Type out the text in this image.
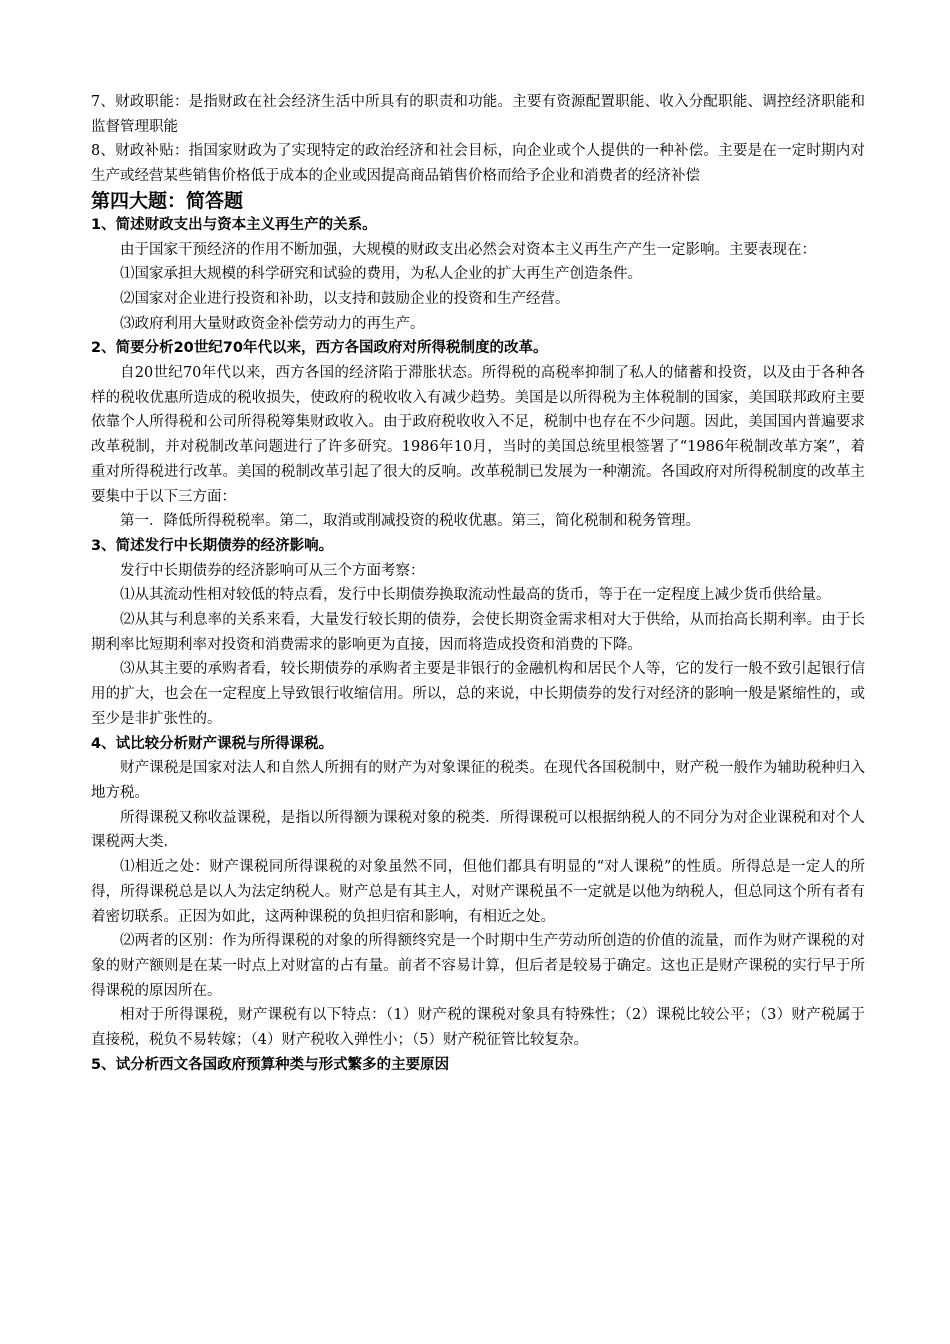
7、财政职能：是指财政在社会经济生活中所具有的职责和功能。主要有资源配置职能、收入分配职能、调控经济职能和监督管理职能

8、财政补贴：指国家财政为了实现特定的政治经济和社会目标，向企业或个人提供的一种补偿。主要是在一定时期内对生产或经营某些销售价格低于成本的企业或因提高商品销售价格而给予企业和消费者的经济补偿

第四大题：简答题

1、简述财政支出与资本主义再生产的关系。

由于国家干预经济的作用不断加强，大规模的财政支出必然会对资本主义再生产产生一定影响。主要表现在：

⑴国家承担大规模的科学研究和试验的费用，为私人企业的扩大再生产创造条件。

⑵国家对企业进行投资和补助，以支持和鼓励企业的投资和生产经营。

⑶政府利用大量财政资金补偿劳动力的再生产。

2、简要分析20世纪70年代以来，西方各国政府对所得税制度的改革。

自20世纪70年代以来，西方各国的经济陷于滞胀状态。所得税的高税率抑制了私人的储蓄和投资，以及由于各种各样的税收优惠所造成的税收损失，使政府的税收收入有减少趋势。美国是以所得税为主体税制的国家，美国联邦政府主要依靠个人所得税和公司所得税筹集财政收入。由于政府税收收入不足，税制中也存在不少问题。因此，美国国内普遍要求改革税制，并对税制改革问题进行了许多研究。1986年10月，当时的美国总统里根签署了“1986年税制改革方案”，着重对所得税进行改革。美国的税制改革引起了很大的反响。改革税制已发展为一种潮流。各国政府对所得税制度的改革主要集中于以下三方面：

第一．降低所得税税率。第二，取消或削减投资的税收优惠。第三，简化税制和税务管理。

3、简述发行中长期债券的经济影响。

发行中长期债券的经济影响可从三个方面考察：

⑴从其流动性相对较低的特点看，发行中长期债券换取流动性最高的货币，等于在一定程度上减少货币供给量。

⑵从其与利息率的关系来看，大量发行较长期的债券，会使长期资金需求相对大于供给，从而抬高长期利率。由于长期利率比短期利率对投资和消费需求的影响更为直接，因而将造成投资和消费的下降。

⑶从其主要的承购者看，较长期债券的承购者主要是非银行的金融机构和居民个人等，它的发行一般不致引起银行信用的扩大，也会在一定程度上导致银行收缩信用。所以，总的来说，中长期债券的发行对经济的影响一般是紧缩性的，或至少是非扩张性的。

4、试比较分析财产课税与所得课税。

财产课税是国家对法人和自然人所拥有的财产为对象课征的税类。在现代各国税制中，财产税一般作为辅助税种归入地方税。

所得课税又称收益课税，是指以所得额为课税对象的税类．所得课税可以根据纳税人的不同分为对企业课税和对个人课税两大类．

⑴相近之处：财产课税同所得课税的对象虽然不同，但他们都具有明显的“对人课税”的性质。所得总是一定人的所得，所得课税总是以人为法定纳税人。财产总是有其主人，对财产课税虽不一定就是以他为纳税人，但总同这个所有者有着密切联系。正因为如此，这两种课税的负担归宿和影响，有相近之处。

⑵两者的区别：作为所得课税的对象的所得额终究是一个时期中生产劳动所创造的价值的流量，而作为财产课税的对象的财产额则是在某一时点上对财富的占有量。前者不容易计算，但后者是较易于确定。这也正是财产课税的实行早于所得课税的原因所在。

相对于所得课税，财产课税有以下特点：（1）财产税的课税对象具有特殊性；（2）课税比较公平；（3）财产税属于直接税，税负不易转嫁；（4）财产税收入弹性小；（5）财产税征管比较复杂。

5、试分析西文各国政府预算种类与形式繁多的主要原因
